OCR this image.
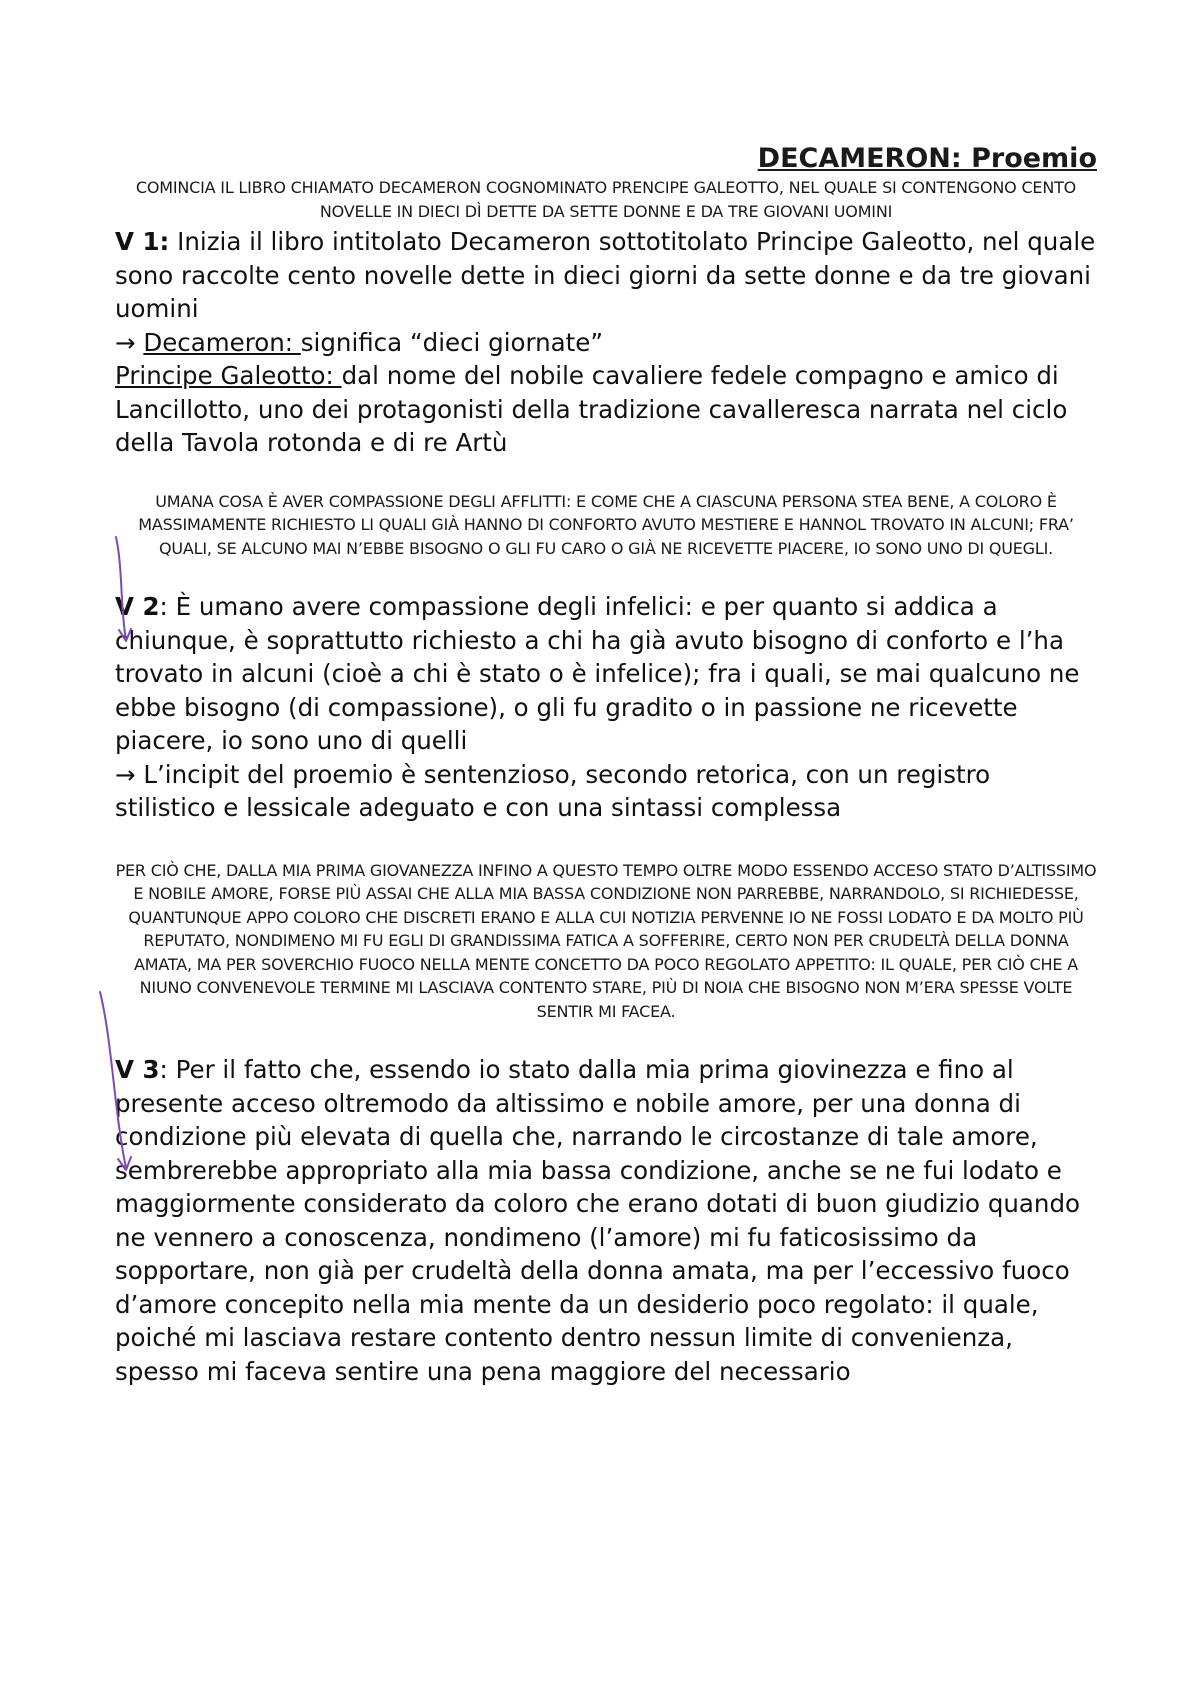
DECAMERON: Proemio

COMINCIA IL LIBRO CHIAMATO DECAMERON COGNOMINATO PRENCIPE GALEOTTO, NEL QUALE SI CONTENGONO CENTO NOVELLE IN DIECI DÌ DETTE DA SETTE DONNE E DA TRE GIOVANI UOMINI

V 1: Inizia il libro intitolato Decameron sottotitolato Principe Galeotto, nel quale sono raccolte cento novelle dette in dieci giorni da sette donne e da tre giovani uomini
→ Decameron: significa “dieci giornate”
Principe Galeotto: dal nome del nobile cavaliere fedele compagno e amico di Lancillotto, uno dei protagonisti della tradizione cavalleresca narrata nel ciclo della Tavola rotonda e di re Artù

UMANA COSA È AVER COMPASSIONE DEGLI AFFLITTI: E COME CHE A CIASCUNA PERSONA STEA BENE, A COLORO È MASSIMAMENTE RICHIESTO LI QUALI GIÀ HANNO DI CONFORTO AVUTO MESTIERE E HANNOL TROVATO IN ALCUNI; FRA’ QUALI, SE ALCUNO MAI N’EBBE BISOGNO O GLI FU CARO O GIÀ NE RICEVETTE PIACERE, IO SONO UNO DI QUEGLI.

V 2: È umano avere compassione degli infelici: e per quanto si addica a chiunque, è soprattutto richiesto a chi ha già avuto bisogno di conforto e l’ha trovato in alcuni (cioè a chi è stato o è infelice); fra i quali, se mai qualcuno ne ebbe bisogno (di compassione), o gli fu gradito o in passione ne ricevette piacere, io sono uno di quelli
→ L’incipit del proemio è sentenzioso, secondo retorica, con un registro stilistico e lessicale adeguato e con una sintassi complessa

PER CIÒ CHE, DALLA MIA PRIMA GIOVANEZZA INFINO A QUESTO TEMPO OLTRE MODO ESSENDO ACCESO STATO D’ALTISSIMO E NOBILE AMORE, FORSE PIÙ ASSAI CHE ALLA MIA BASSA CONDIZIONE NON PARREBBE, NARRANDOLO, SI RICHIEDESSE, QUANTUNQUE APPO COLORO CHE DISCRETI ERANO E ALLA CUI NOTIZIA PERVENNE IO NE FOSSI LODATO E DA MOLTO PIÙ REPUTATO, NONDIMENO MI FU EGLI DI GRANDISSIMA FATICA A SOFFERIRE, CERTO NON PER CRUDELTÀ DELLA DONNA AMATA, MA PER SOVERCHIO FUOCO NELLA MENTE CONCETTO DA POCO REGOLATO APPETITO: IL QUALE, PER CIÒ CHE A NIUNO CONVENEVOLE TERMINE MI LASCIAVA CONTENTO STARE, PIÙ DI NOIA CHE BISOGNO NON M’ERA SPESSE VOLTE SENTIR MI FACEA.

V 3: Per il fatto che, essendo io stato dalla mia prima giovinezza e fino al presente acceso oltremodo da altissimo e nobile amore, per una donna di condizione più elevata di quella che, narrando le circostanze di tale amore, sembrerebbe appropriato alla mia bassa condizione, anche se ne fui lodato e maggiormente considerato da coloro che erano dotati di buon giudizio quando ne vennero a conoscenza, nondimeno (l’amore) mi fu faticosissimo da sopportare, non già per crudeltà della donna amata, ma per l’eccessivo fuoco d’amore concepito nella mia mente da un desiderio poco regolato: il quale, poiché mi lasciava restare contento dentro nessun limite di convenienza, spesso mi faceva sentire una pena maggiore del necessario
